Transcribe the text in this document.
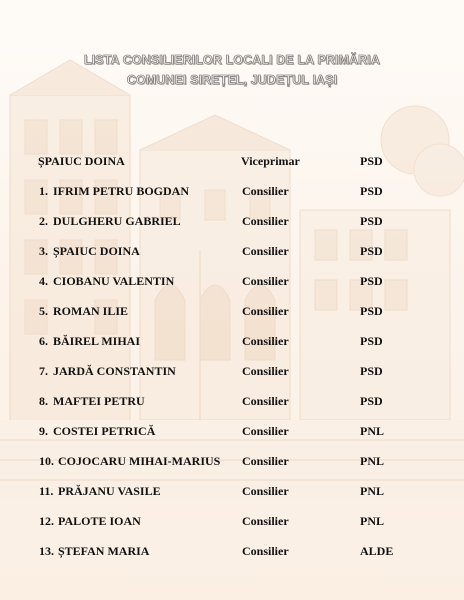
LISTA CONSILIERILOR LOCALI DE LA PRIMĂRIA
COMUNEI SIREȚEL, JUDEȚUL IAȘI
ȘPAIUC DOINA	Viceprimar	PSD
1. IFRIM PETRU BOGDAN	Consilier	PSD
2. DULGHERU GABRIEL	Consilier	PSD
3. ȘPAIUC DOINA	Consilier	PSD
4. CIOBANU VALENTIN	Consilier	PSD
5. ROMAN ILIE	Consilier	PSD
6. BĂIREL MIHAI	Consilier	PSD
7. JARDĂ CONSTANTIN	Consilier	PSD
8. MAFTEI PETRU	Consilier	PSD
9. COSTEI PETRICĂ	Consilier	PNL
10. COJOCARU MIHAI-MARIUS Consilier	PNL
11. PRĂJANU VASILE	Consilier	PNL
12. PALOTE IOAN	Consilier	PNL
13. ȘTEFAN MARIA	Consilier	ALDE
